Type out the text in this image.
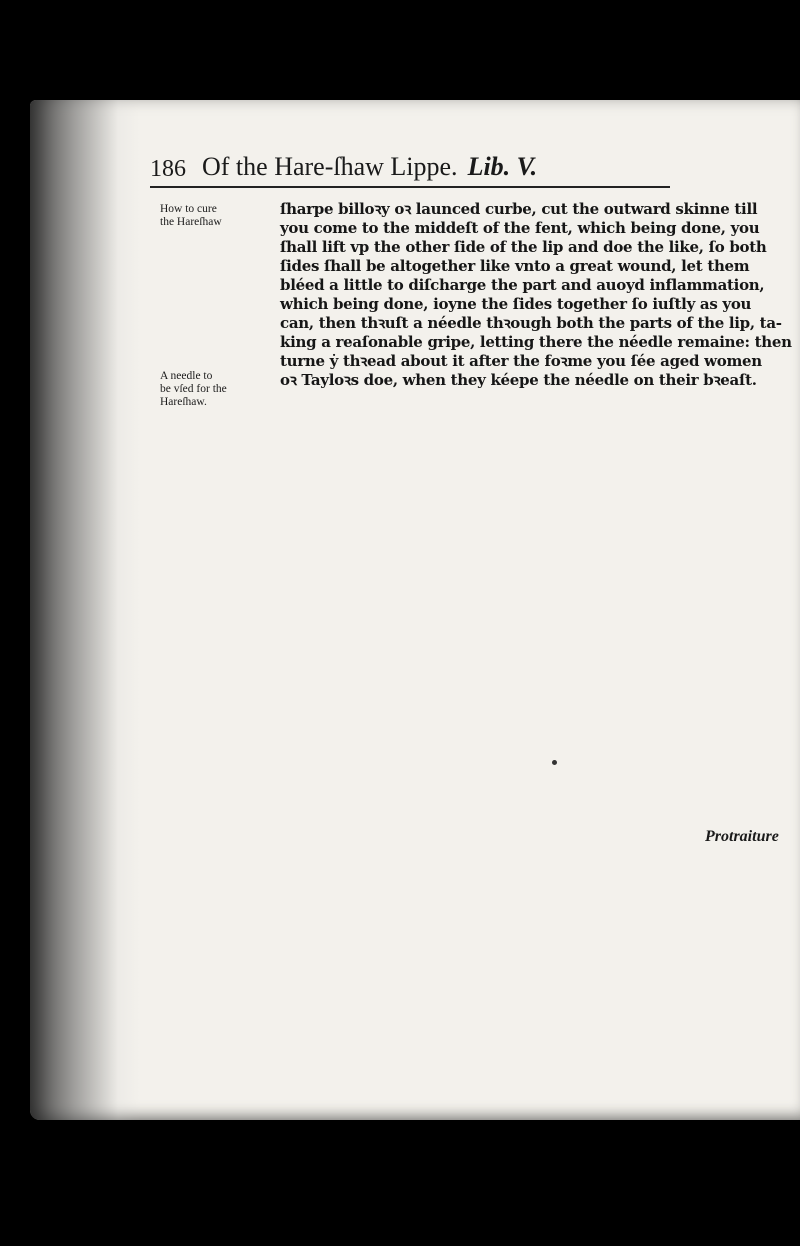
186 Of the Hare-ſhaw Lippe. Lib. V.
How to cure
the Hareſhaw
A needle to
be vſed for the
Hareſhaw.
ſharpe billoꝛy oꝛ launced curbe, cut the outward skinne till
you come to the middeſt of the fent, which being done, you
ſhall lift vp the other ſide of the lip and doe the like, ſo both
ſides ſhall be altogether like vnto a great wound, let them
bléed a little to diſcharge the part and auoyd inflammation,
which being done, ioyne the ſides together ſo iuſtly as you
can, then thꝛuſt a néedle thꝛough both the parts of the lip, ta-
king a reaſonable gripe, letting there the néedle remaine: then
turne ẏ thꝛead about it after the foꝛme you ſée aged women
oꝛ Tayloꝛs doe, when they kéepe the néedle on their bꝛeaſt.
Protraiture
